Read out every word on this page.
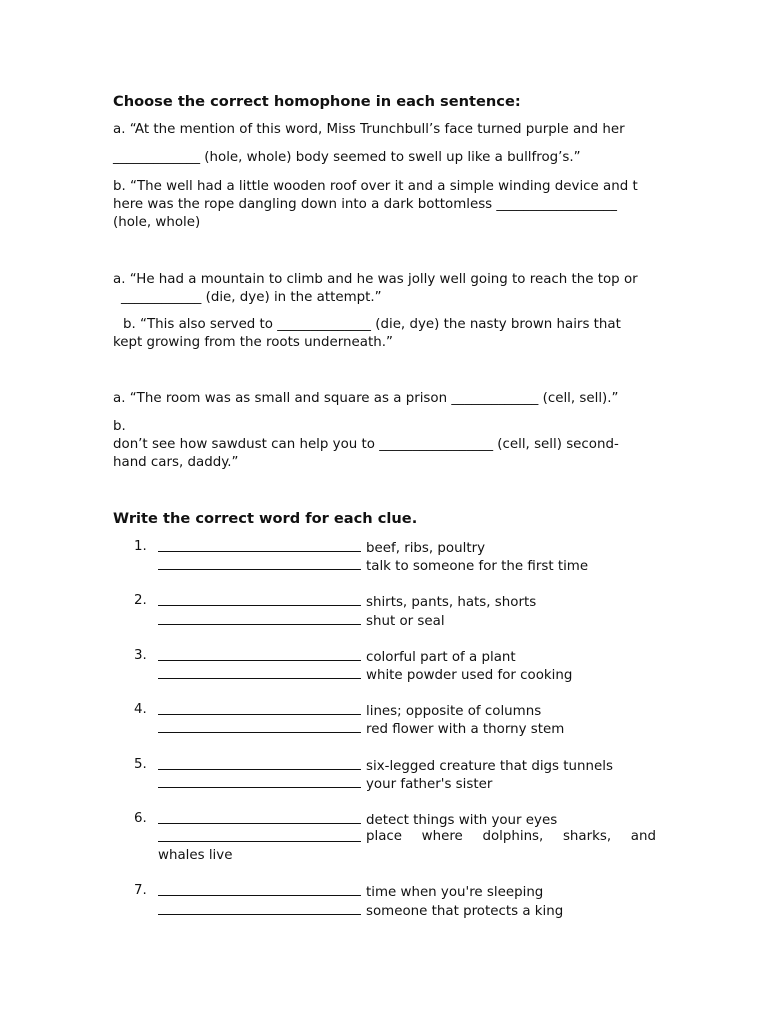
Choose the correct homophone in each sentence:
a. “At the mention of this word, Miss Trunchbull’s face turned purple and her
_____________ (hole, whole) body seemed to swell up like a bullfrog’s.”
b. “The well had a little wooden roof over it and a simple winding device and t
here was the rope dangling down into a dark bottomless __________________
(hole, whole)
a. “He had a mountain to climb and he was jolly well going to reach the top or
____________ (die, dye) in the attempt.”
b. “This also served to ______________ (die, dye) the nasty brown hairs that
kept growing from the roots underneath.”
a. “The room was as small and square as a prison _____________ (cell, sell).”
b.
don’t see how sawdust can help you to _________________ (cell, sell) second-
hand cars, daddy.”
Write the correct word for each clue.
1.	beef, ribs, poultry
talk to someone for the first time
2.	shirts, pants, hats, shorts
shut or seal
3.	colorful part of a plant
white powder used for cooking
4.	lines; opposite of columns
red flower with a thorny stem
5.	six-legged creature that digs tunnels
your father's sister
6.	detect things with your eyes
place where dolphins, sharks, and
whales live
7.	time when you're sleeping
someone that protects a king
